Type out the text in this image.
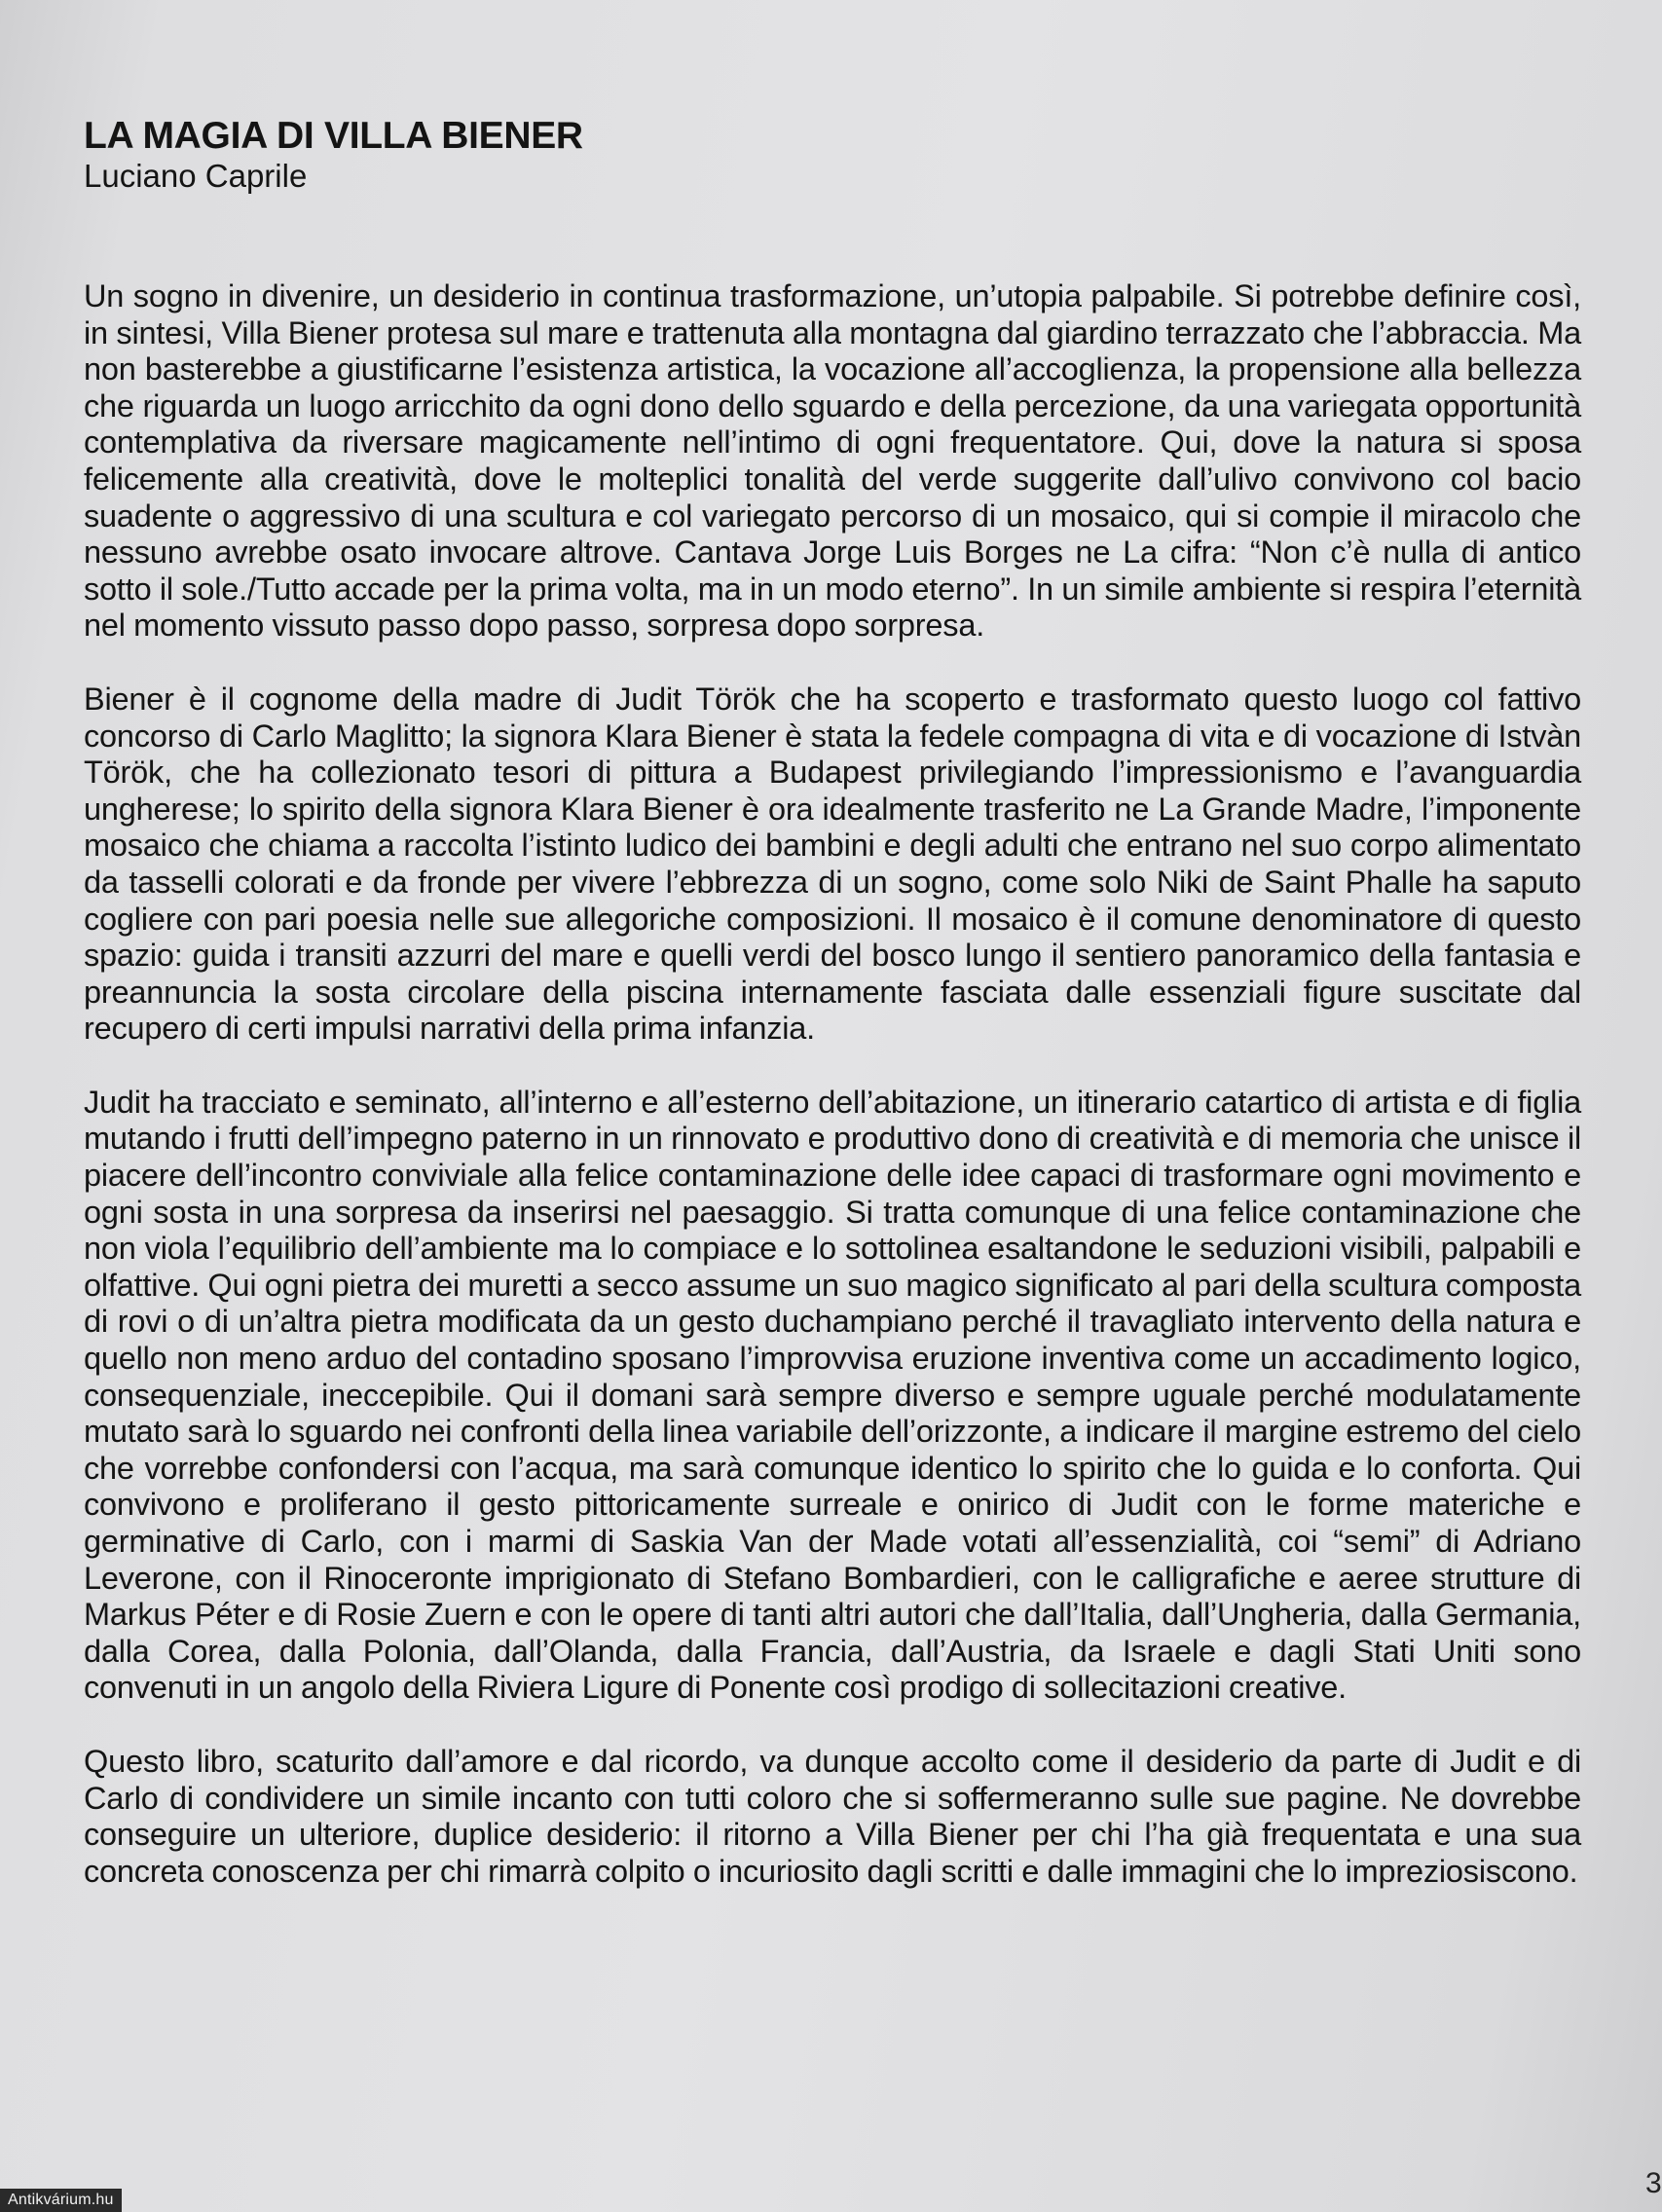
LA MAGIA DI VILLA BIENER

Luciano Caprile

Un sogno in divenire, un desiderio in continua trasformazione, un’utopia palpabile. Si potrebbe definire così, in sintesi, Villa Biener protesa sul mare e trattenuta alla montagna dal giardino terrazzato che l’abbraccia. Ma non basterebbe a giustificarne l’esistenza artistica, la vocazione all’accoglienza, la propensione alla bellezza che riguarda un luogo arricchito da ogni dono dello sguardo e della percezione, da una variegata opportunità contemplativa da riversare magicamente nell’intimo di ogni frequentatore. Qui, dove la natura si sposa felicemente alla creatività, dove le molteplici tonalità del verde suggerite dall’ulivo convivono col bacio suadente o aggressivo di una scultura e col variegato percorso di un mosaico, qui si compie il miracolo che nessuno avrebbe osato invocare altrove. Cantava Jorge Luis Borges ne La cifra: “Non c’è nulla di antico sotto il sole./Tutto accade per la prima volta, ma in un modo eterno”. In un simile ambiente si respira l’eternità nel momento vissuto passo dopo passo, sorpresa dopo sorpresa.

Biener è il cognome della madre di Judit Török che ha scoperto e trasformato questo luogo col fattivo concorso di Carlo Maglitto; la signora Klara Biener è stata la fedele compagna di vita e di vocazione di Istvàn Török, che ha collezionato tesori di pittura a Budapest privilegiando l’impressionismo e l’avanguardia ungherese; lo spirito della signora Klara Biener è ora idealmente trasferito ne La Grande Madre, l’imponente mosaico che chiama a raccolta l’istinto ludico dei bambini e degli adulti che entrano nel suo corpo alimentato da tasselli colorati e da fronde per vivere l’ebbrezza di un sogno, come solo Niki de Saint Phalle ha saputo cogliere con pari poesia nelle sue allegoriche composizioni. Il mosaico è il comune denominatore di questo spazio: guida i transiti azzurri del mare e quelli verdi del bosco lungo il sentiero panoramico della fantasia e preannuncia la sosta circolare della piscina internamente fasciata dalle essenziali figure suscitate dal recupero di certi impulsi narrativi della prima infanzia.

Judit ha tracciato e seminato, all’interno e all’esterno dell’abitazione, un itinerario catartico di artista e di figlia mutando i frutti dell’impegno paterno in un rinnovato e produttivo dono di creatività e di memoria che unisce il piacere dell’incontro conviviale alla felice contaminazione delle idee capaci di trasformare ogni movimento e ogni sosta in una sorpresa da inserirsi nel paesaggio. Si tratta comunque di una felice contaminazione che non viola l’equilibrio dell’ambiente ma lo compiace e lo sottolinea esaltandone le seduzioni visibili, palpabili e olfattive. Qui ogni pietra dei muretti a secco assume un suo magico significato al pari della scultura composta di rovi o di un’altra pietra modificata da un gesto duchampiano perché il travagliato intervento della natura e quello non meno arduo del contadino sposano l’improvvisa eruzione inventiva come un accadimento logico, consequenziale, ineccepibile. Qui il domani sarà sempre diverso e sempre uguale perché modulatamente mutato sarà lo sguardo nei confronti della linea variabile dell’orizzonte, a indicare il margine estremo del cielo che vorrebbe confondersi con l’acqua, ma sarà comunque identico lo spirito che lo guida e lo conforta. Qui convivono e proliferano il gesto pittoricamente surreale e onirico di Judit con le forme materiche e germinative di Carlo, con i marmi di Saskia Van der Made votati all’essenzialità, coi “semi” di Adriano Leverone, con il Rinoceronte imprigionato di Stefano Bombardieri, con le calligrafiche e aeree strutture di Markus Péter e di Rosie Zuern e con le opere di tanti altri autori che dall’Italia, dall’Ungheria, dalla Germania, dalla Corea, dalla Polonia, dall’Olanda, dalla Francia, dall’Austria, da Israele e dagli Stati Uniti sono convenuti in un angolo della Riviera Ligure di Ponente così prodigo di sollecitazioni creative.

Questo libro, scaturito dall’amore e dal ricordo, va dunque accolto come il desiderio da parte di Judit e di Carlo di condividere un simile incanto con tutti coloro che si soffermeranno sulle sue pagine. Ne dovrebbe conseguire un ulteriore, duplice desiderio: il ritorno a Villa Biener per chi l’ha già frequentata e una sua concreta conoscenza per chi rimarrà colpito o incuriosito dagli scritti e dalle immagini che lo impreziosiscono.

Antikvárium.hu
3
